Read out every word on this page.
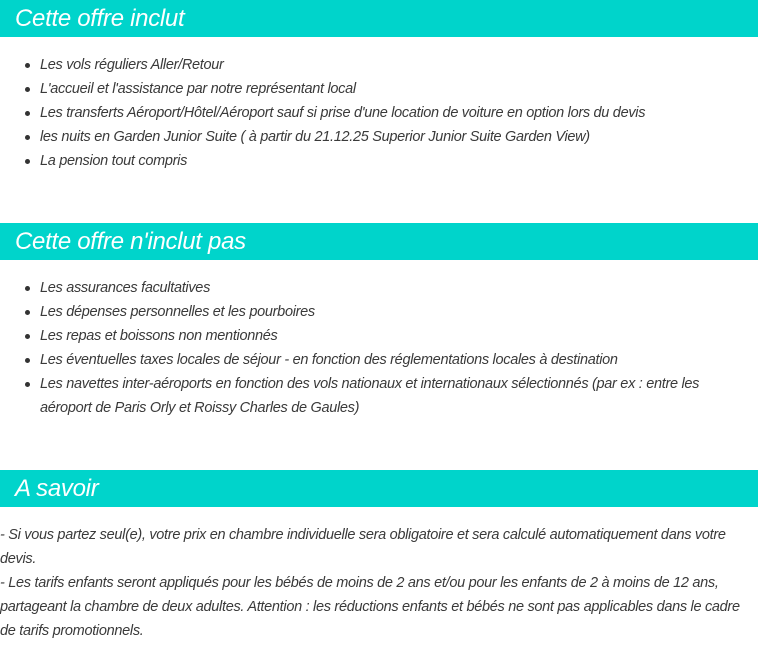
Cette offre inclut
Les vols réguliers Aller/Retour
L'accueil et l'assistance par notre représentant local
Les transferts Aéroport/Hôtel/Aéroport sauf si prise d'une location de voiture en option lors du devis
les nuits en Garden Junior Suite ( à partir du 21.12.25 Superior Junior Suite Garden View)
La pension tout compris
Cette offre n'inclut pas
Les assurances facultatives
Les dépenses personnelles et les pourboires
Les repas et boissons non mentionnés
Les éventuelles taxes locales de séjour - en fonction des réglementations locales à destination
Les navettes inter-aéroports en fonction des vols nationaux et internationaux sélectionnés (par ex : entre les aéroport de Paris Orly et Roissy Charles de Gaules)
A savoir

- Si vous partez seul(e), votre prix en chambre individuelle sera obligatoire et sera calculé automatiquement dans votre devis.

- Les tarifs enfants seront appliqués pour les bébés de moins de 2 ans et/ou pour les enfants de 2 à moins de 12 ans, partageant la chambre de deux adultes. Attention : les réductions enfants et bébés ne sont pas applicables dans le cadre de tarifs promotionnels.
